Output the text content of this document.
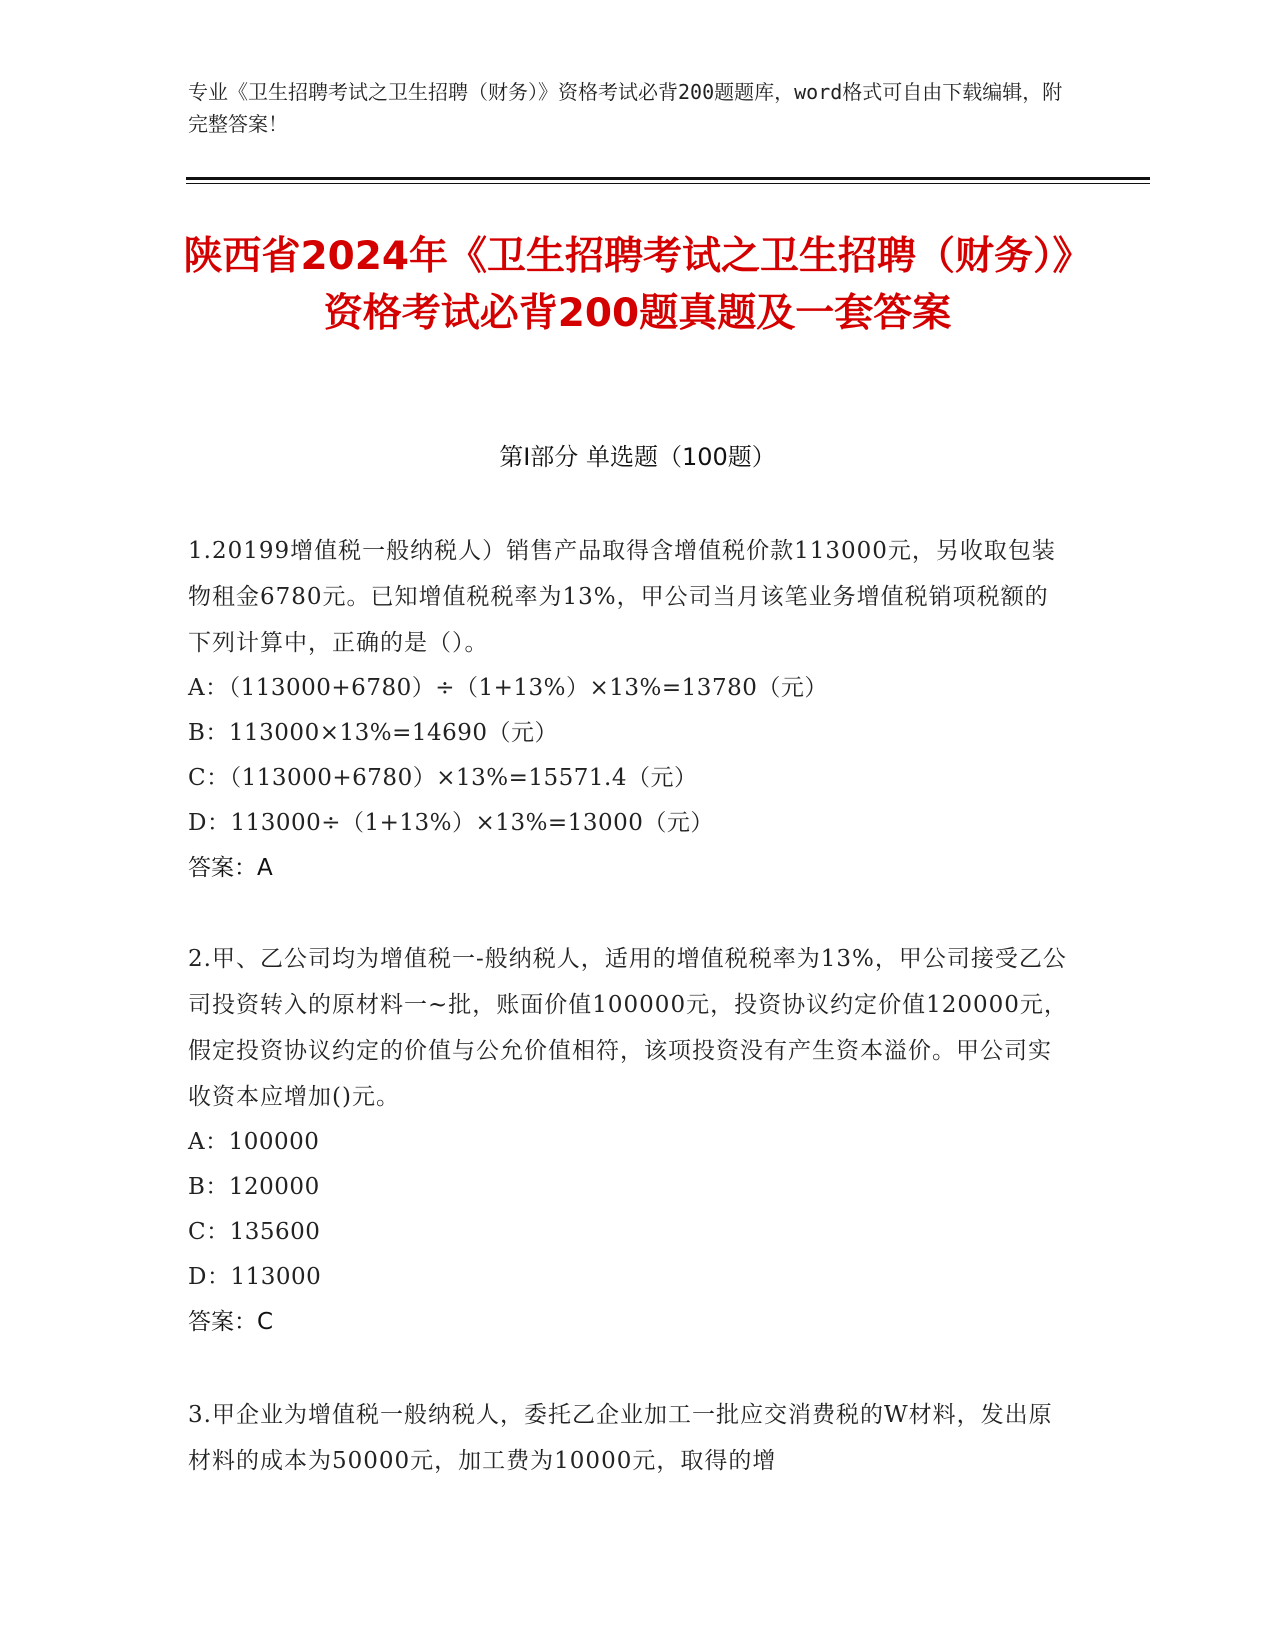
专业《卫生招聘考试之卫生招聘（财务）》资格考试必背200题题库，word格式可自由下载编辑，附完整答案！
陕西省2024年《卫生招聘考试之卫生招聘（财务）》资格考试必背200题真题及一套答案
第I部分 单选题（100题）
1.20199增值税一般纳税人）销售产品取得含增值税价款113000元，另收取包装物租金6780元。已知增值税税率为13%，甲公司当月该笔业务增值税销项税额的下列计算中，正确的是（）。
A：（113000+6780）÷（1+13%）×13%=13780（元）
B：113000×13%=14690（元）
C：（113000+6780）×13%=15571.4（元）
D：113000÷（1+13%）×13%=13000（元）
答案：A
2.甲、乙公司均为增值税一-般纳税人，适用的增值税税率为13%，甲公司接受乙公司投资转入的原材料一~批，账面价值100000元，投资协议约定价值120000元，假定投资协议约定的价值与公允价值相符，该项投资没有产生资本溢价。甲公司实收资本应增加()元。
A：100000
B：120000
C：135600
D：113000
答案：C
3.甲企业为增值税一般纳税人，委托乙企业加工一批应交消费税的W材料，发出原材料的成本为50000元，加工费为10000元，取得的增
